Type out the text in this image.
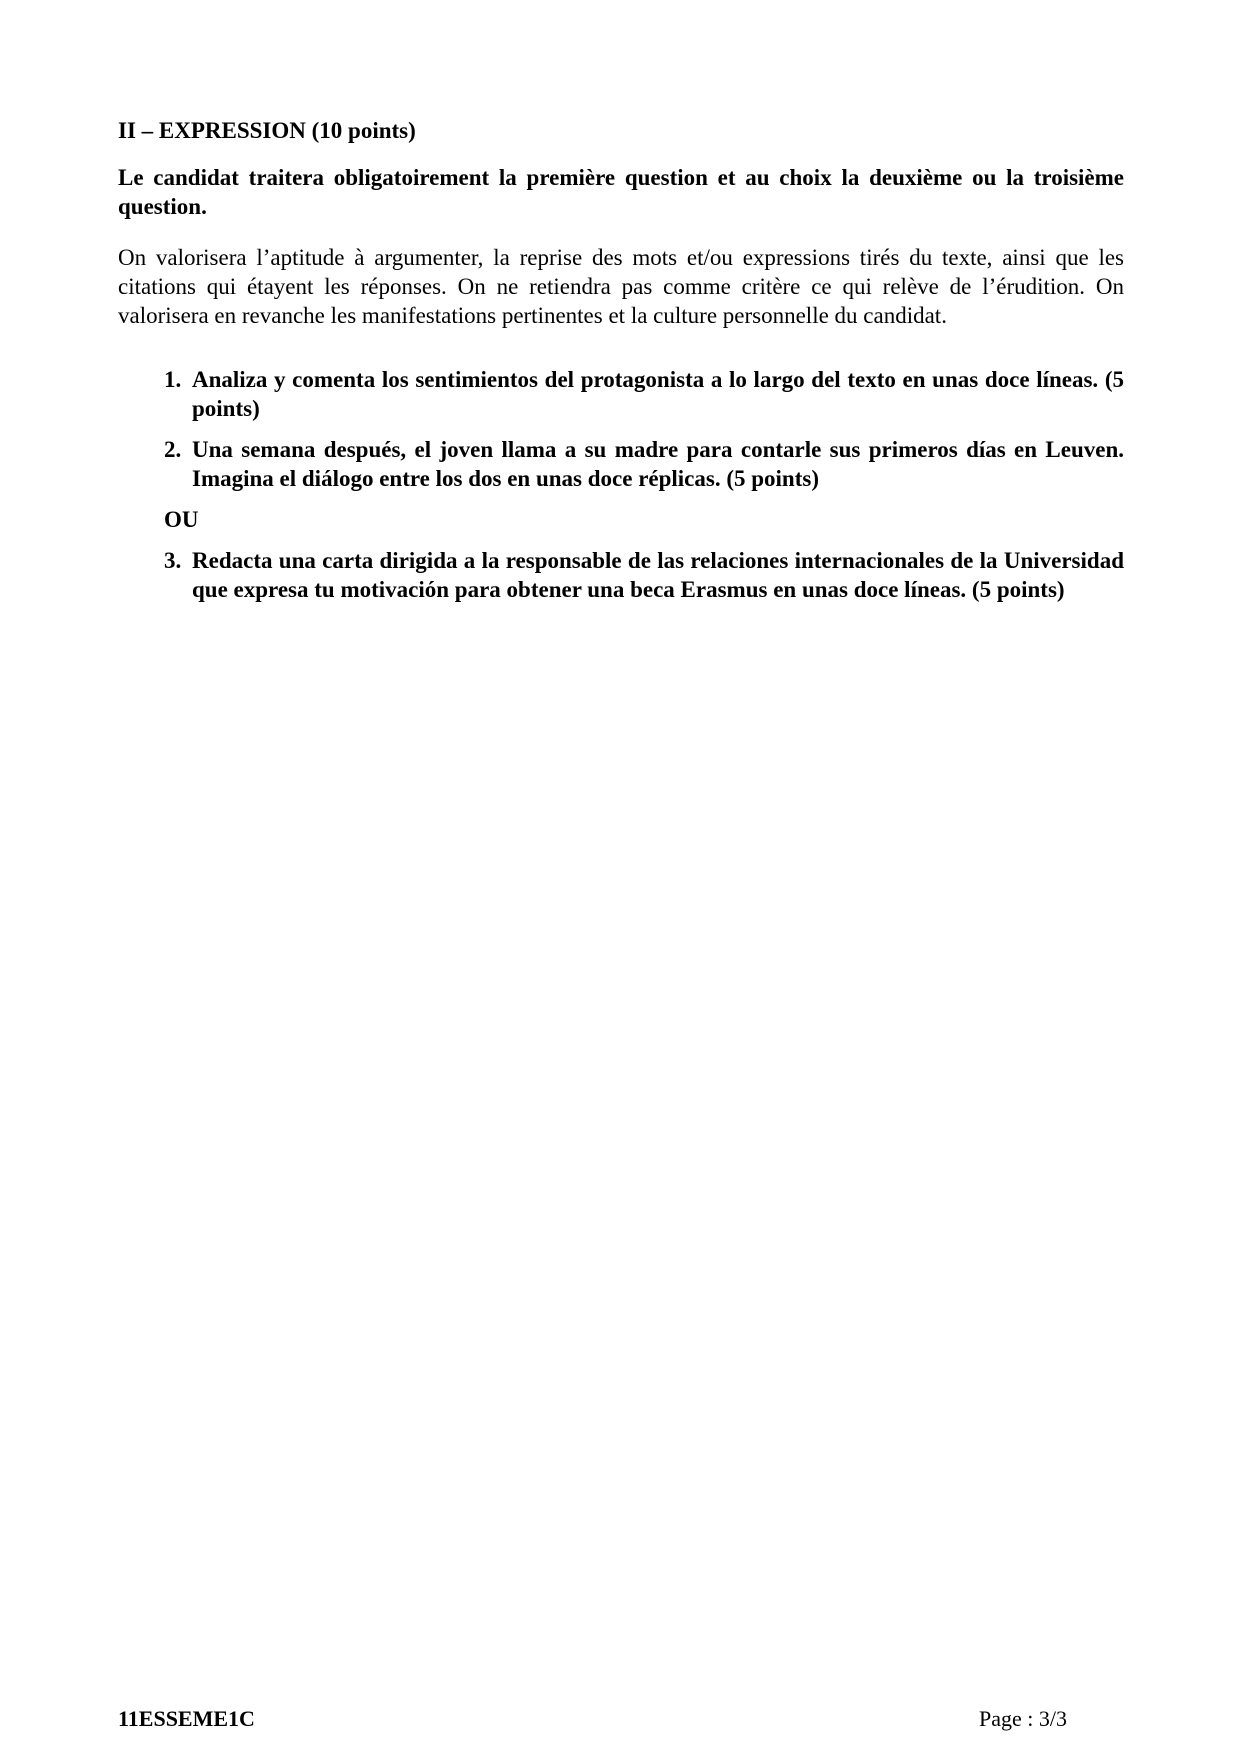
II – EXPRESSION (10 points)
Le candidat traitera obligatoirement la première question et au choix la deuxième ou la troisième question.
On valorisera l’aptitude à argumenter, la reprise des mots et/ou expressions tirés du texte, ainsi que les citations qui étayent les réponses. On ne retiendra pas comme critère ce qui relève de l’érudition. On valorisera en revanche les manifestations pertinentes et la culture personnelle du candidat.
1. Analiza y comenta los sentimientos del protagonista a lo largo del texto en unas doce líneas. (5 points)
2. Una semana después, el joven llama a su madre para contarle sus primeros días en Leuven. Imagina el diálogo entre los dos en unas doce réplicas. (5 points)
OU
3. Redacta una carta dirigida a la responsable de las relaciones internacionales de la Universidad que expresa tu motivación para obtener una beca Erasmus en unas doce líneas. (5 points)
11ESSEME1C	Page : 3/3
